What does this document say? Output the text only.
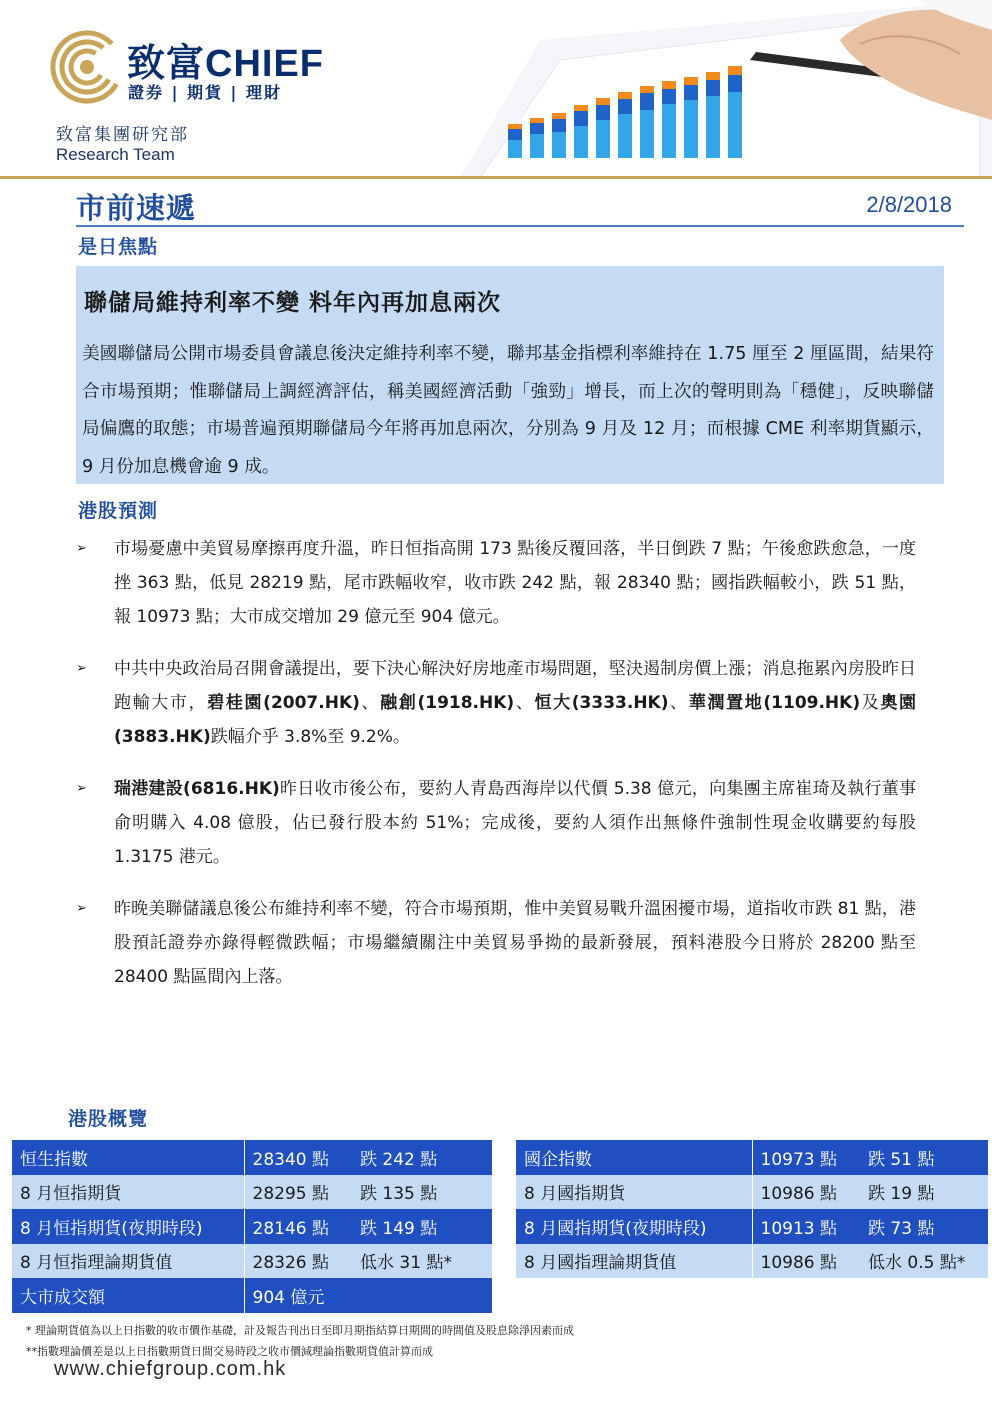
致富CHIEF
證券 | 期貨 | 理財
致富集團研究部
Research Team
市前速遞	2/8/2018
是日焦點
聯儲局維持利率不變 料年內再加息兩次
美國聯儲局公開市場委員會議息後決定維持利率不變，聯邦基金指標利率維持在 1.75 厘至 2 厘區間，結果符合市場預期；惟聯儲局上調經濟評估，稱美國經濟活動「強勁」增長，而上次的聲明則為「穩健」，反映聯儲局偏鷹的取態；市場普遍預期聯儲局今年將再加息兩次，分別為 9 月及 12 月；而根據 CME 利率期貨顯示，9 月份加息機會逾 9 成。
港股預測
➢ 市場憂慮中美貿易摩擦再度升溫，昨日恒指高開 173 點後反覆回落，半日倒跌 7 點；午後愈跌愈急，一度挫 363 點，低見 28219 點，尾市跌幅收窄，收市跌 242 點，報 28340 點；國指跌幅較小，跌 51 點，報 10973 點；大市成交增加 29 億元至 904 億元。
➢ 中共中央政治局召開會議提出，要下決心解決好房地產市場問題，堅決遏制房價上漲；消息拖累內房股昨日跑輸大市，碧桂園(2007.HK)、融創(1918.HK)、恒大(3333.HK)、華潤置地(1109.HK)及奧園(3883.HK)跌幅介乎 3.8%至 9.2%。
➢ 瑞港建設(6816.HK)昨日收市後公布，要約人青島西海岸以代價 5.38 億元，向集團主席崔琦及執行董事俞明購入 4.08 億股，佔已發行股本約 51%；完成後，要約人須作出無條件強制性現金收購要約每股 1.3175 港元。
➢ 昨晚美聯儲議息後公布維持利率不變，符合市場預期，惟中美貿易戰升溫困擾市場，道指收市跌 81 點，港股預託證券亦錄得輕微跌幅；市場繼續關注中美貿易爭拗的最新發展，預料港股今日將於 28200 點至 28400 點區間內上落。
港股概覽
恒生指數	28340 點	跌 242 點
8 月恒指期貨	28295 點	跌 135 點
8 月恒指期貨(夜期時段)	28146 點	跌 149 點
8 月恒指理論期貨值	28326 點	低水 31 點*
大市成交額	904 億元	
國企指數	10973 點	跌 51 點
8 月國指期貨	10986 點	跌 19 點
8 月國指期貨(夜期時段)	10913 點	跌 73 點
8 月國指理論期貨值	10986 點	低水 0.5 點*
* 理論期貨值為以上日指數的收市價作基礎，計及報告刊出日至即月期指結算日期間的時間值及股息除淨因素而成
**指數理論價差是以上日指數期貨日間交易時段之收市價減理論指數期貨值計算而成
www.chiefgroup.com.hk
